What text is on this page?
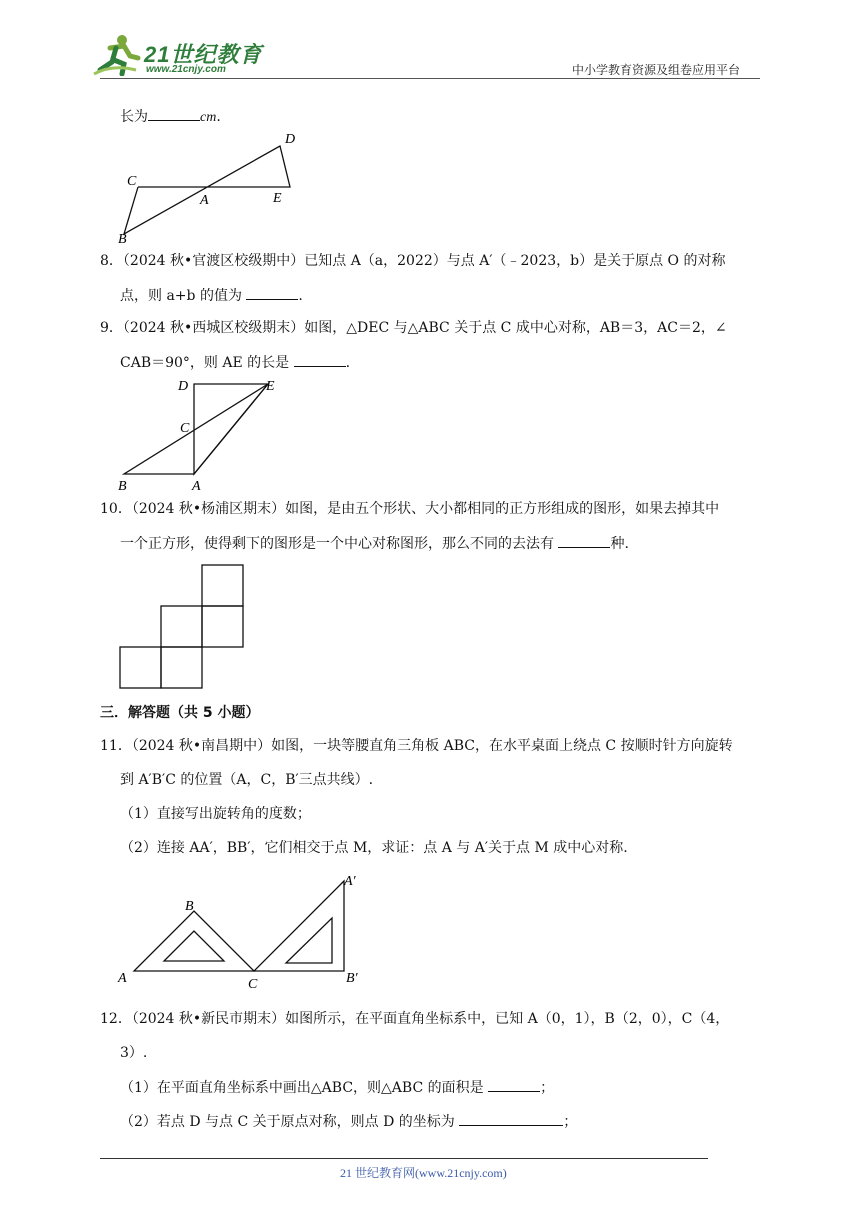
21世纪教育
www.21cnjy.com	中小学教育资源及组卷应用平台
长为	cm.
C
A	E
D
B
8．（2024 秋•官渡区校级期中）已知点 A（a，2022）与点 A′（﹣2023，b）是关于原点 O 的对称
点，则 a+b 的值为	.
9．（2024 秋•西城区校级期末）如图，△DEC 与△ABC 关于点 C 成中心对称，AB＝3，AC＝2，∠
CAB＝90°，则 AE 的长是	.
D	E
C
B	A
10．（2024 秋•杨浦区期末）如图，是由五个形状、大小都相同的正方形组成的图形，如果去掉其中
一个正方形，使得剩下的图形是一个中心对称图形，那么不同的去法有	种.
三．解答题（共 5 小题）
11．（2024 秋•南昌期中）如图，一块等腰直角三角板 ABC，在水平桌面上绕点 C 按顺时针方向旋转
到 A′B′C 的位置（A，C，B′三点共线）.
（1）直接写出旋转角的度数；
（2）连接 AA′，BB′，它们相交于点 M，求证：点 A 与 A′关于点 M 成中心对称.
A′
B
A	C	B′
12．（2024 秋•新民市期末）如图所示，在平面直角坐标系中，已知 A（0，1），B（2，0），C（4，
3）.
（1）在平面直角坐标系中画出△ABC，则△ABC 的面积是	；
（2）若点 D 与点 C 关于原点对称，则点 D 的坐标为	；
21 世纪教育网(www.21cnjy.com)
